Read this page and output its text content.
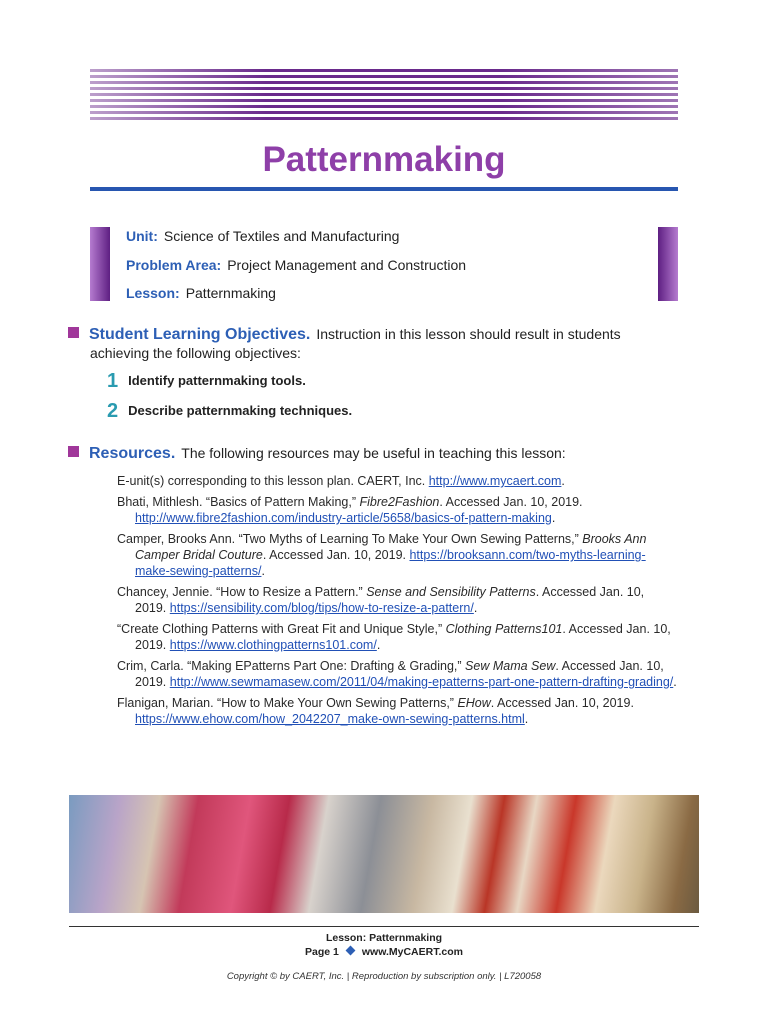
Patternmaking
Unit: Science of Textiles and Manufacturing
Problem Area: Project Management and Construction
Lesson: Patternmaking
Student Learning Objectives. Instruction in this lesson should result in students
achieving the following objectives:
1 Identify patternmaking tools.
2 Describe patternmaking techniques.
Resources. The following resources may be useful in teaching this lesson:
E-unit(s) corresponding to this lesson plan. CAERT, Inc. http://www.mycaert.com.
Bhati, Mithlesh. “Basics of Pattern Making,” Fibre2Fashion. Accessed Jan. 10, 2019. http://www.fibre2fashion.com/industry-article/5658/basics-of-pattern-making.
Camper, Brooks Ann. “Two Myths of Learning To Make Your Own Sewing Patterns,” Brooks Ann Camper Bridal Couture. Accessed Jan. 10, 2019. https://brooksann.com/two-myths-learning-make-sewing-patterns/.
Chancey, Jennie. “How to Resize a Pattern.” Sense and Sensibility Patterns. Accessed Jan. 10, 2019. https://sensibility.com/blog/tips/how-to-resize-a-pattern/.
“Create Clothing Patterns with Great Fit and Unique Style,” Clothing Patterns101. Accessed Jan. 10, 2019. https://www.clothingpatterns101.com/.
Crim, Carla. “Making EPatterns Part One: Drafting & Grading,” Sew Mama Sew. Accessed Jan. 10, 2019. http://www.sewmamasew.com/2011/04/making-epatterns-part-one-pattern-drafting-grading/.
Flanigan, Marian. “How to Make Your Own Sewing Patterns,” EHow. Accessed Jan. 10, 2019. https://www.ehow.com/how_2042207_make-own-sewing-patterns.html.
Lesson: Patternmaking
Page 1 www.MyCAERT.com
Copyright © by CAERT, Inc. | Reproduction by subscription only. | L720058
